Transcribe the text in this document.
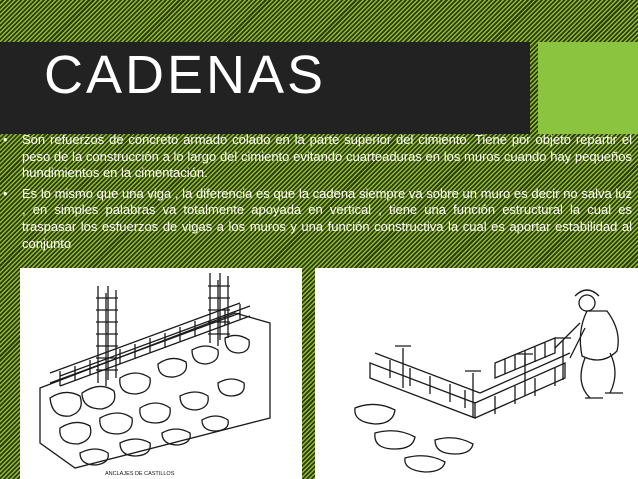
CADENAS

• Son refuerzos de concreto armado colado en la parte superior del cimiento. Tiene por objeto repartir el peso de la construcción a lo largo del cimiento evitando cuarteaduras en los muros cuando hay pequeños hundimientos en la cimentación.

• Es lo mismo que una viga , la diferencia es que la cadena siempre va sobre un muro es decir no salva luz , en simples palabras va totalmente apoyada en vertical , tiene una función estructural la cual es traspasar los esfuerzos de vigas a los muros y una función constructiva la cual es aportar estabilidad al conjunto

ANCLAJES DE CASTILLOS
